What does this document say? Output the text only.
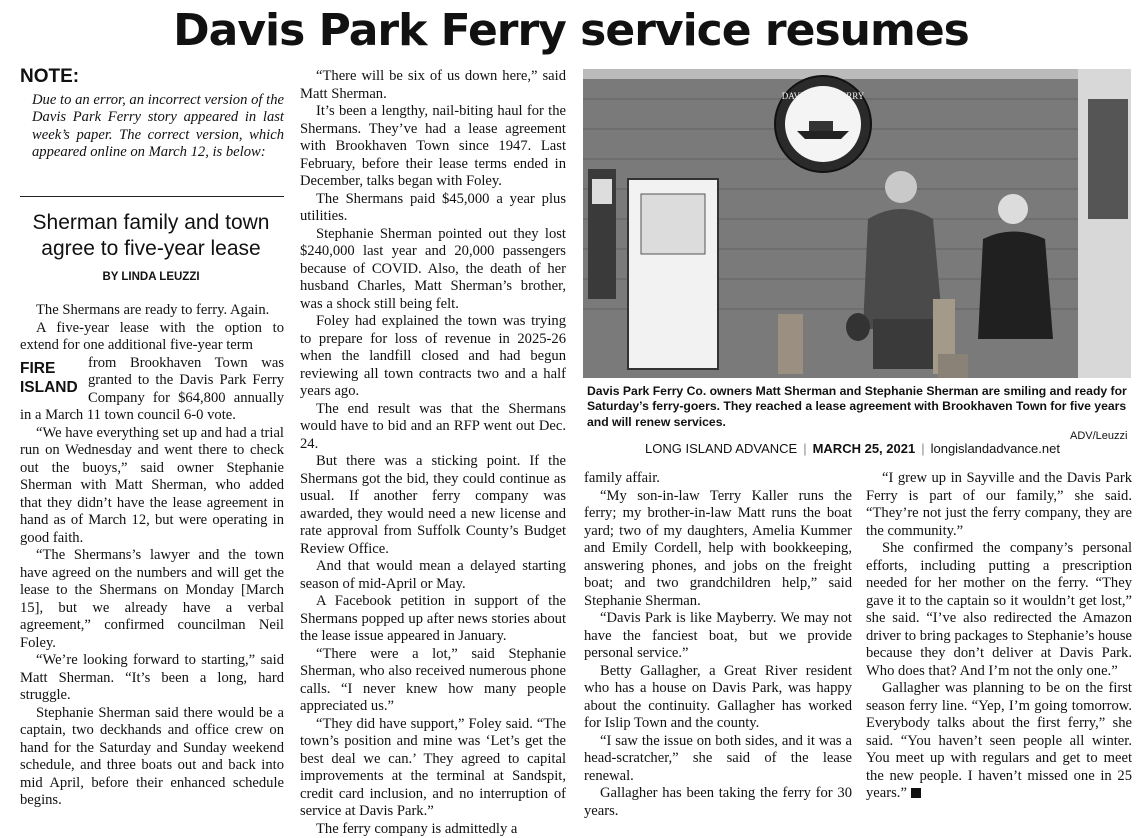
Davis Park Ferry service resumes
NOTE:
Due to an error, an incorrect version of the Davis Park Ferry story appeared in last week’s paper. The correct version, which appeared online on March 12, is below:
Sherman family and town
agree to five-year lease
BY LINDA LEUZZI

The Shermans are ready to ferry. Again.

A five-year lease with the option to extend for one additional five-year term

FIRE
ISLAND
from Brookhaven Town was granted to the Davis Park Ferry Company for $64,800 annually in a March 11 town council 6-0 vote.

“We have everything set up and had a trial run on Wednesday and went there to check out the buoys,” said owner Stephanie Sherman with Matt Sherman, who added that they didn’t have the lease agreement in hand as of March 12, but were operating in good faith.

“The Shermans’s lawyer and the town have agreed on the numbers and will get the lease to the Shermans on Monday [March 15], but we already have a verbal agreement,” confirmed councilman Neil Foley.

“We’re looking forward to starting,” said Matt Sherman. “It’s been a long, hard struggle.

Stephanie Sherman said there would be a captain, two deckhands and office crew on hand for the Saturday and Sunday weekend schedule, and three boats out and back into mid April, before their enhanced schedule begins.

“There will be six of us down here,” said Matt Sherman.

It’s been a lengthy, nail-biting haul for the Shermans. They’ve had a lease agreement with Brookhaven Town since 1947. Last February, before their lease terms ended in December, talks began with Foley.

The Shermans paid $45,000 a year plus utilities.

Stephanie Sherman pointed out they lost $240,000 last year and 20,000 passengers because of COVID. Also, the death of her husband Charles, Matt Sherman’s brother, was a shock still being felt.

Foley had explained the town was trying to prepare for loss of revenue in 2025-26 when the landfill closed and had begun reviewing all town contracts two and a half years ago.

The end result was that the Shermans would have to bid and an RFP went out Dec. 24.

But there was a sticking point. If the Shermans got the bid, they could continue as usual. If another ferry company was awarded, they would need a new license and rate approval from Suffolk County’s Budget Review Office.

And that would mean a delayed starting season of mid-April or May.

A Facebook petition in support of the Shermans popped up after news stories about the lease issue appeared in January.

“There were a lot,” said Stephanie Sherman, who also received numerous phone calls. “I never knew how many people appreciated us.”

“They did have support,” Foley said. “The town’s position and mine was ‘Let’s get the best deal we can.’ They agreed to capital improvements at the terminal at Sandspit, credit card inclusion, and no interruption of service at Davis Park.”

The ferry company is admittedly a

DAVIS PARK FERRY
EST. 1947
Davis Park Ferry Co. owners Matt Sherman and Stephanie Sherman are smiling and ready for Saturday’s ferry-goers. They reached a lease agreement with Brookhaven Town for five years and will renew services.
ADV/Leuzzi
LONG ISLAND ADVANCE | MARCH 25, 2021 | longislandadvance.net
family affair.

“My son-in-law Terry Kaller runs the ferry; my brother-in-law Matt runs the boat yard; two of my daughters, Amelia Kummer and Emily Cordell, help with bookkeeping, answering phones, and jobs on the freight boat; and two grandchildren help,” said Stephanie Sherman.

“Davis Park is like Mayberry. We may not have the fanciest boat, but we provide personal service.”

Betty Gallagher, a Great River resident who has a house on Davis Park, was happy about the continuity. Gallagher has worked for Islip Town and the county.

“I saw the issue on both sides, and it was a head-scratcher,” she said of the lease renewal.

Gallagher has been taking the ferry for 30 years.

“I grew up in Sayville and the Davis Park Ferry is part of our family,” she said. “They’re not just the ferry company, they are the community.”

She confirmed the company’s personal efforts, including putting a prescription needed for her mother on the ferry. “They gave it to the captain so it wouldn’t get lost,” she said. “I’ve also redirected the Amazon driver to bring packages to Stephanie’s house because they don’t deliver at Davis Park. Who does that? And I’m not the only one.”

Gallagher was planning to be on the first season ferry line. “Yep, I’m going tomorrow. Everybody talks about the first ferry,” she said. “You haven’t seen people all winter. You meet up with regulars and get to meet the new people. I haven’t missed one in 25 years.”
